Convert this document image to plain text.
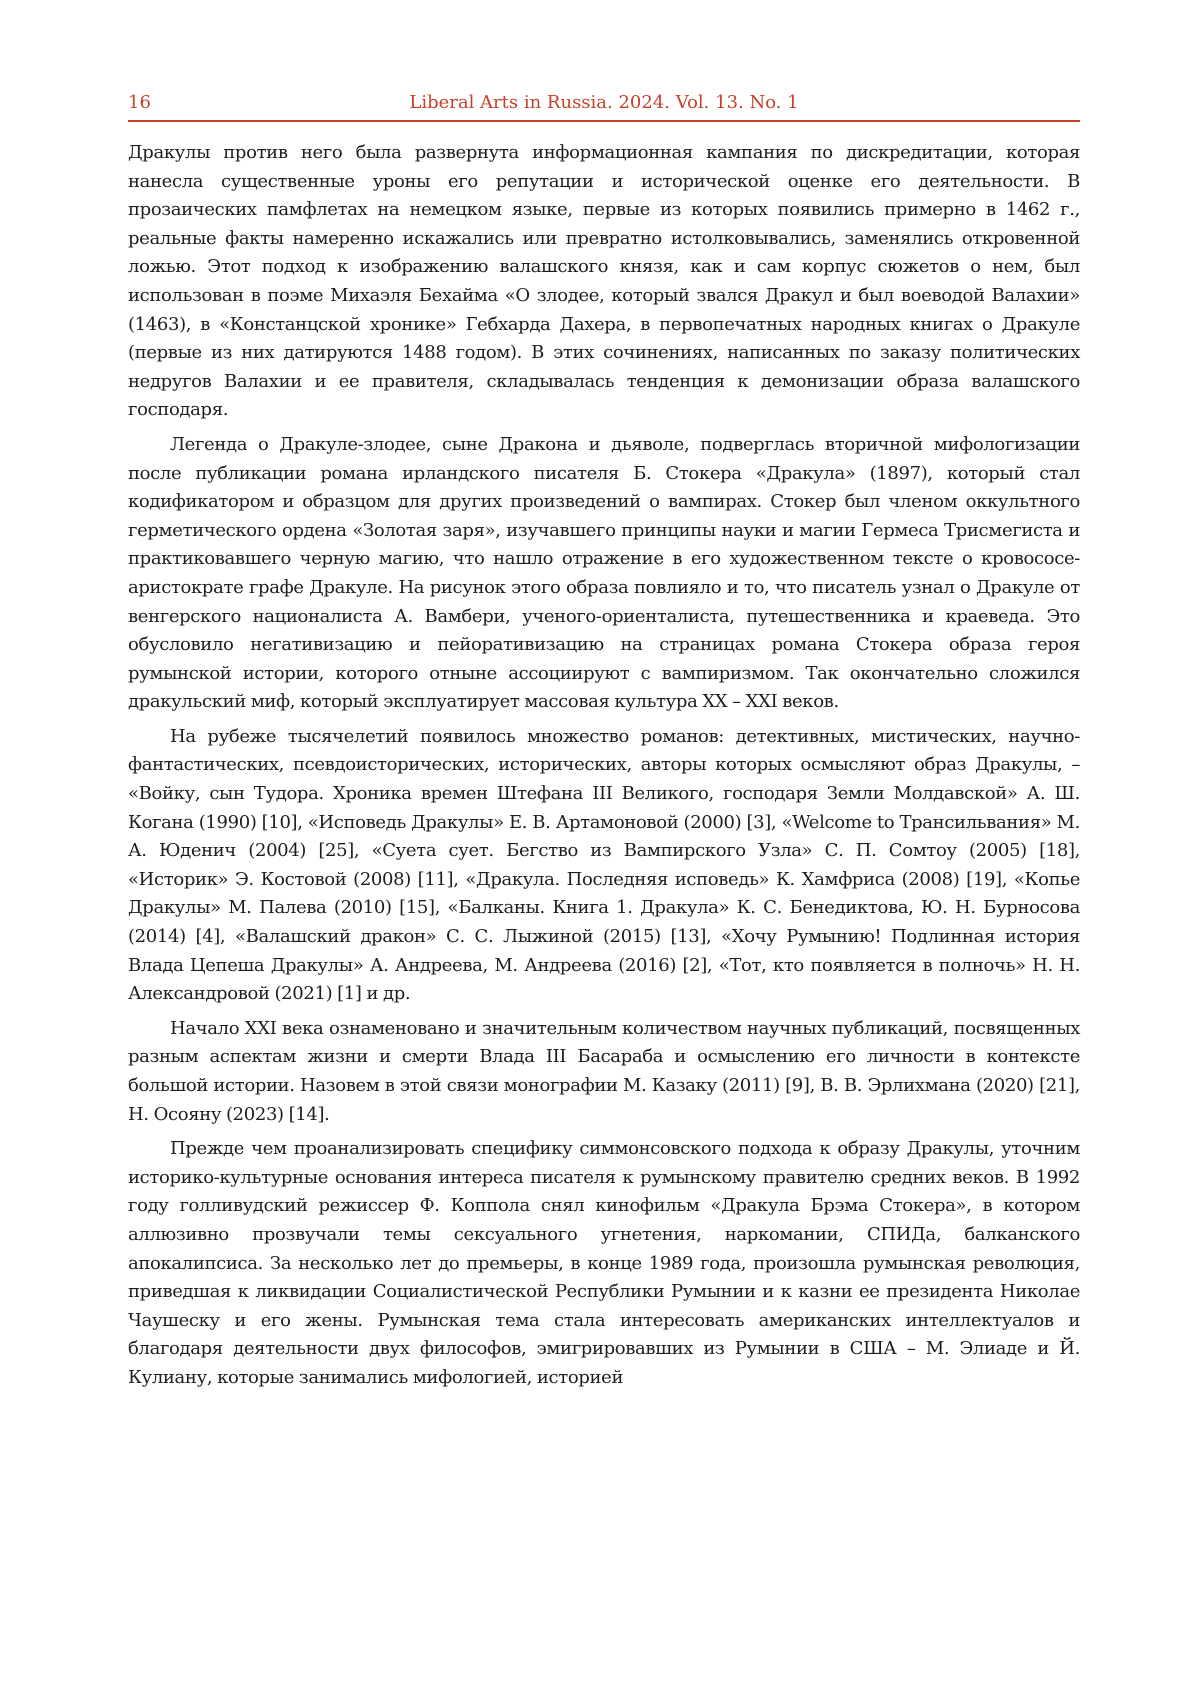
16	Liberal Arts in Russia. 2024. Vol. 13. No. 1

Дракулы против него была развернута информационная кампания по дискредитации, которая нанесла существенные уроны его репутации и исторической оценке его деятельности. В прозаических памфлетах на немецком языке, первые из которых появились примерно в 1462 г., реальные факты намеренно искажались или превратно истолковывались, заменялись откровенной ложью. Этот подход к изображению валашского князя, как и сам корпус сюжетов о нем, был использован в поэме Михаэля Бехайма «О злодее, который звался Дракул и был воеводой Валахии» (1463), в «Констанцской хронике» Гебхарда Дахера, в первопечатных народных книгах о Дракуле (первые из них датируются 1488 годом). В этих сочинениях, написанных по заказу политических недругов Валахии и ее правителя, складывалась тенденция к демонизации образа валашского господаря.

Легенда о Дракуле-злодее, сыне Дракона и дьяволе, подверглась вторичной мифологизации после публикации романа ирландского писателя Б. Стокера «Дракула» (1897), который стал кодификатором и образцом для других произведений о вампирах. Стокер был членом оккультного герметического ордена «Золотая заря», изучавшего принципы науки и магии Гермеса Трисмегиста и практиковавшего черную магию, что нашло отражение в его художественном тексте о кровососе-аристократе графе Дракуле. На рисунок этого образа повлияло и то, что писатель узнал о Дракуле от венгерского националиста А. Вамбери, ученого-ориенталиста, путешественника и краеведа. Это обусловило негативизацию и пейоративизацию на страницах романа Стокера образа героя румынской истории, которого отныне ассоциируют с вампиризмом. Так окончательно сложился дракульский миф, который эксплуатирует массовая культура XX – XXI веков.

На рубеже тысячелетий появилось множество романов: детективных, мистических, научно-фантастических, псевдоисторических, исторических, авторы которых осмысляют образ Дракулы, – «Войку, сын Тудора. Хроника времен Штефана III Великого, господаря Земли Молдавской» А. Ш. Когана (1990) [10], «Исповедь Дракулы» Е. В. Артамоновой (2000) [3], «Welcome to Трансильвания» М. А. Юденич (2004) [25], «Суета сует. Бегство из Вампирского Узла» С. П. Сомтоу (2005) [18], «Историк» Э. Костовой (2008) [11], «Дракула. Последняя исповедь» К. Хамфриса (2008) [19], «Копье Дракулы» М. Палева (2010) [15], «Балканы. Книга 1. Дракула» К. С. Бенедиктова, Ю. Н. Бурносова (2014) [4], «Валашский дракон» С. С. Лыжиной (2015) [13], «Хочу Румынию! Подлинная история Влада Цепеша Дракулы» А. Андреева, М. Андреева (2016) [2], «Тот, кто появляется в полночь» Н. Н. Александровой (2021) [1] и др.

Начало XXI века ознаменовано и значительным количеством научных публикаций, посвященных разным аспектам жизни и смерти Влада III Басараба и осмыслению его личности в контексте большой истории. Назовем в этой связи монографии М. Казаку (2011) [9], В. В. Эрлихмана (2020) [21], Н. Осояну (2023) [14].

Прежде чем проанализировать специфику симмонсовского подхода к образу Дракулы, уточним историко-культурные основания интереса писателя к румынскому правителю средних веков. В 1992 году голливудский режиссер Ф. Коппола снял кинофильм «Дракула Брэма Стокера», в котором аллюзивно прозвучали темы сексуального угнетения, наркомании, СПИДа, балканского апокалипсиса. За несколько лет до премьеры, в конце 1989 года, произошла румынская революция, приведшая к ликвидации Социалистической Республики Румынии и к казни ее президента Николае Чаушеску и его жены. Румынская тема стала интересовать американских интеллектуалов и благодаря деятельности двух философов, эмигрировавших из Румынии в США – М. Элиаде и Й. Кулиану, которые занимались мифологией, историей
